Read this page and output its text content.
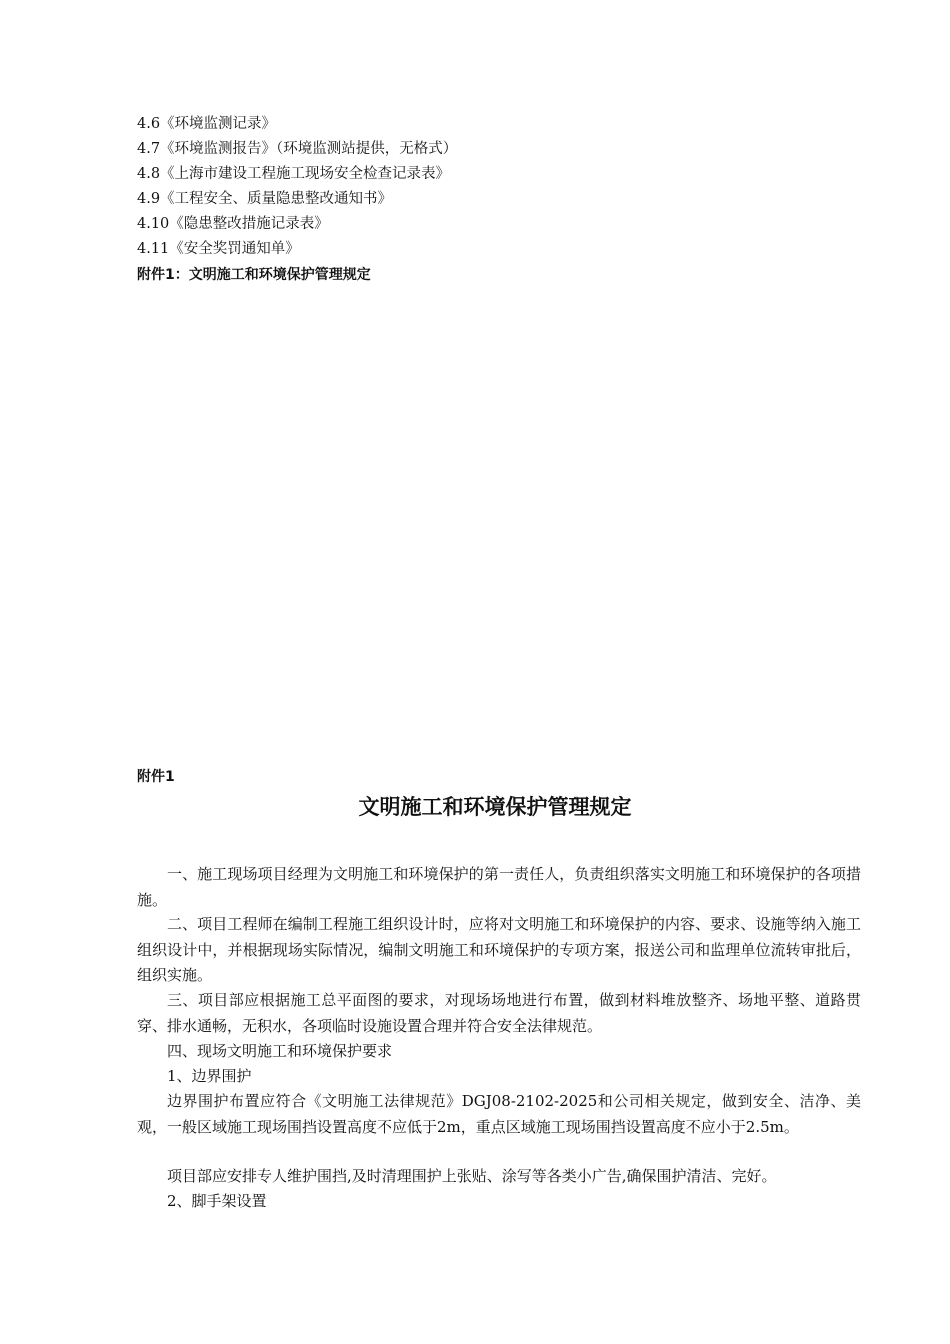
4.6《环境监测记录》
4.7《环境监测报告》（环境监测站提供，无格式）
4.8《上海市建设工程施工现场安全检查记录表》
4.9《工程安全、质量隐患整改通知书》
4.10《隐患整改措施记录表》
4.11《安全奖罚通知单》
附件1：文明施工和环境保护管理规定
附件1
文明施工和环境保护管理规定
一、施工现场项目经理为文明施工和环境保护的第一责任人，负责组织落实文明施工和环境保护的各项措施。
二、项目工程师在编制工程施工组织设计时，应将对文明施工和环境保护的内容、要求、设施等纳入施工组织设计中，并根据现场实际情况，编制文明施工和环境保护的专项方案，报送公司和监理单位流转审批后，组织实施。
三、项目部应根据施工总平面图的要求，对现场场地进行布置，做到材料堆放整齐、场地平整、道路贯穿、排水通畅，无积水，各项临时设施设置合理并符合安全法律规范。
四、现场文明施工和环境保护要求
1、边界围护
边界围护布置应符合《文明施工法律规范》DGJ08-2102-2025和公司相关规定，做到安全、洁净、美观，一般区域施工现场围挡设置高度不应低于2m，重点区域施工现场围挡设置高度不应小于2.5m。
项目部应安排专人维护围挡,及时清理围护上张贴、涂写等各类小广告,确保围护清洁、完好。
2、脚手架设置
